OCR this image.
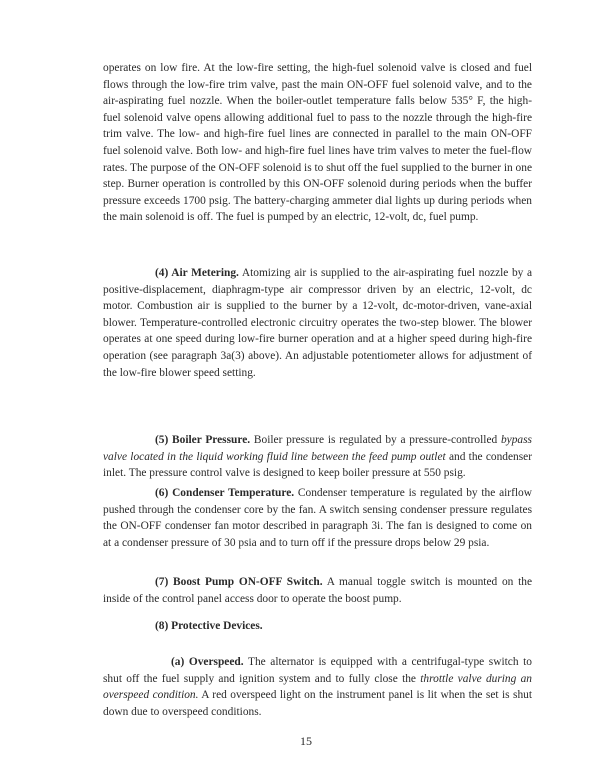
operates on low fire. At the low-fire setting, the high-fuel solenoid valve is closed and fuel flows through the low-fire trim valve, past the main ON-OFF fuel solenoid valve, and to the air-aspirating fuel nozzle. When the boiler-outlet temperature falls below 535° F, the high-fuel solenoid valve opens allowing additional fuel to pass to the nozzle through the high-fire trim valve. The low- and high-fire fuel lines are connected in parallel to the main ON-OFF fuel solenoid valve. Both low- and high-fire fuel lines have trim valves to meter the fuel-flow rates. The purpose of the ON-OFF solenoid is to shut off the fuel supplied to the burner in one step. Burner operation is controlled by this ON-OFF solenoid during periods when the buffer pressure exceeds 1700 psig. The battery-charging ammeter dial lights up during periods when the main solenoid is off. The fuel is pumped by an electric, 12-volt, dc, fuel pump.

(4) Air Metering. Atomizing air is supplied to the air-aspirating fuel nozzle by a positive-displacement, diaphragm-type air compressor driven by an electric, 12-volt, dc motor. Combustion air is supplied to the burner by a 12-volt, dc-motor-driven, vane-axial blower. Temperature-controlled electronic circuitry operates the two-step blower. The blower operates at one speed during low-fire burner operation and at a higher speed during high-fire operation (see paragraph 3a(3) above). An adjustable potentiometer allows for adjustment of the low-fire blower speed setting.

(5) Boiler Pressure. Boiler pressure is regulated by a pressure-controlled bypass valve located in the liquid working fluid line between the feed pump outlet and the condenser inlet. The pressure control valve is designed to keep boiler pressure at 550 psig.

(6) Condenser Temperature. Condenser temperature is regulated by the airflow pushed through the condenser core by the fan. A switch sensing condenser pressure regulates the ON-OFF condenser fan motor described in paragraph 3i. The fan is designed to come on at a condenser pressure of 30 psia and to turn off if the pressure drops below 29 psia.

(7) Boost Pump ON-OFF Switch. A manual toggle switch is mounted on the inside of the control panel access door to operate the boost pump.

(8) Protective Devices.

(a) Overspeed. The alternator is equipped with a centrifugal-type switch to shut off the fuel supply and ignition system and to fully close the throttle valve during an overspeed condition. A red overspeed light on the instrument panel is lit when the set is shut down due to overspeed conditions.

15
